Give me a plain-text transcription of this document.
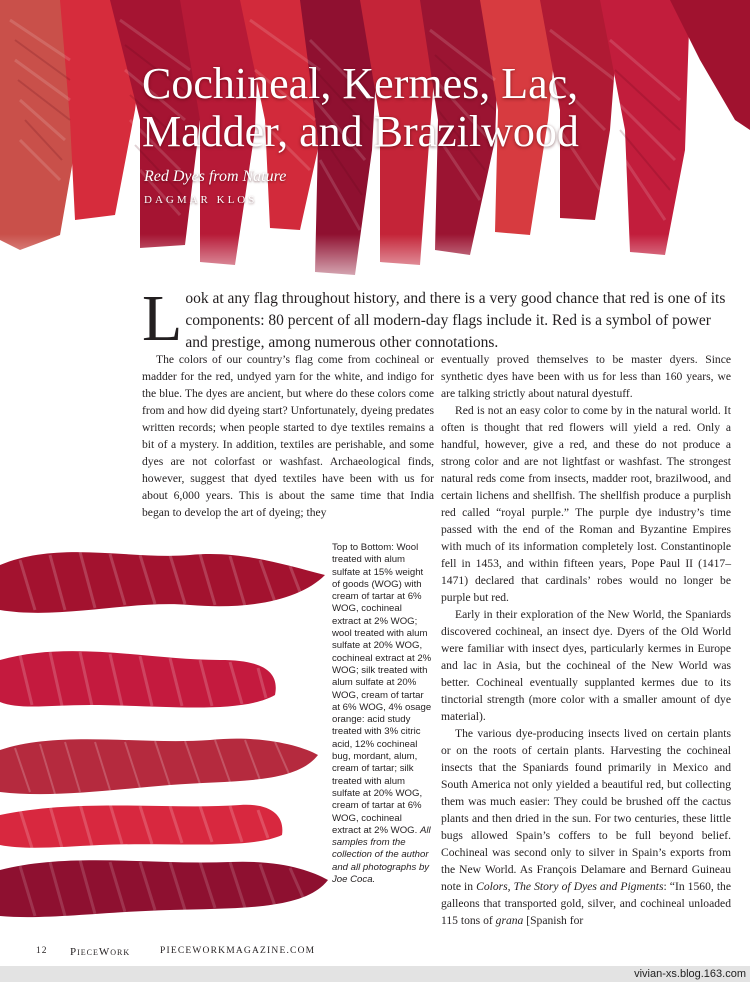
Cochineal, Kermes, Lac, Madder, and Brazilwood
Red Dyes from Nature
DAGMAR KLOS
Look at any flag throughout history, and there is a very good chance that red is one of its components: 80 percent of all modern-day flags include it. Red is a symbol of power and prestige, among numerous other connotations.

The colors of our country’s flag come from cochineal or madder for the red, undyed yarn for the white, and indigo for the blue. The dyes are ancient, but where do these colors come from and how did dyeing start? Unfortunately, dyeing predates written records; when people started to dye textiles remains a bit of a mystery. In addition, textiles are perishable, and some dyes are not colorfast or washfast. Archaeological finds, however, suggest that dyed textiles have been with us for about 6,000 years. This is about the same time that India began to develop the art of dyeing; they

eventually proved themselves to be master dyers. Since synthetic dyes have been with us for less than 160 years, we are talking strictly about natural dyestuff.

Red is not an easy color to come by in the natural world. It often is thought that red flowers will yield a red. Only a handful, however, give a red, and these do not produce a strong color and are not lightfast or washfast. The strongest natural reds come from insects, madder root, brazilwood, and certain lichens and shellfish. The shellfish produce a purplish red called “royal purple.” The purple dye industry’s time passed with the end of the Roman and Byzantine Empires with much of its information completely lost. Constantinople fell in 1453, and within fifteen years, Pope Paul II (1417–1471) declared that cardinals’ robes would no longer be purple but red.

Early in their exploration of the New World, the Spaniards discovered cochineal, an insect dye. Dyers of the Old World were familiar with insect dyes, particularly kermes in Europe and lac in Asia, but the cochineal of the New World was better. Cochineal eventually supplanted kermes due to its tinctorial strength (more color with a smaller amount of dye material).

The various dye-producing insects lived on certain plants or on the roots of certain plants. Harvesting the cochineal insects that the Spaniards found primarily in Mexico and South America not only yielded a beautiful red, but collecting them was much easier: They could be brushed off the cactus plants and then dried in the sun. For two centuries, these little bugs allowed Spain’s coffers to be full beyond belief. Cochineal was second only to silver in Spain’s exports from the New World. As François Delamare and Bernard Guineau note in Colors, The Story of Dyes and Pigments: “In 1560, the galleons that transported gold, silver, and cochineal unloaded 115 tons of grana [Spanish for

Top to Bottom: Wool treated with alum sulfate at 15% weight of goods (WOG) with cream of tartar at 6% WOG, cochineal extract at 2% WOG; wool treated with alum sulfate at 20% WOG, cochineal extract at 2% WOG; silk treated with alum sulfate at 20% WOG, cream of tartar at 6% WOG, 4% osage orange: acid study treated with 3% citric acid, 12% cochineal bug, mordant, alum, cream of tartar; silk treated with alum sulfate at 20% WOG, cream of tartar at 6% WOG, cochineal extract at 2% WOG. All samples from the collection of the author and all photographs by Joe Coca.
12 PieceWork	PIECEWORKMAGAZINE.COM
vivian-xs.blog.163.com
